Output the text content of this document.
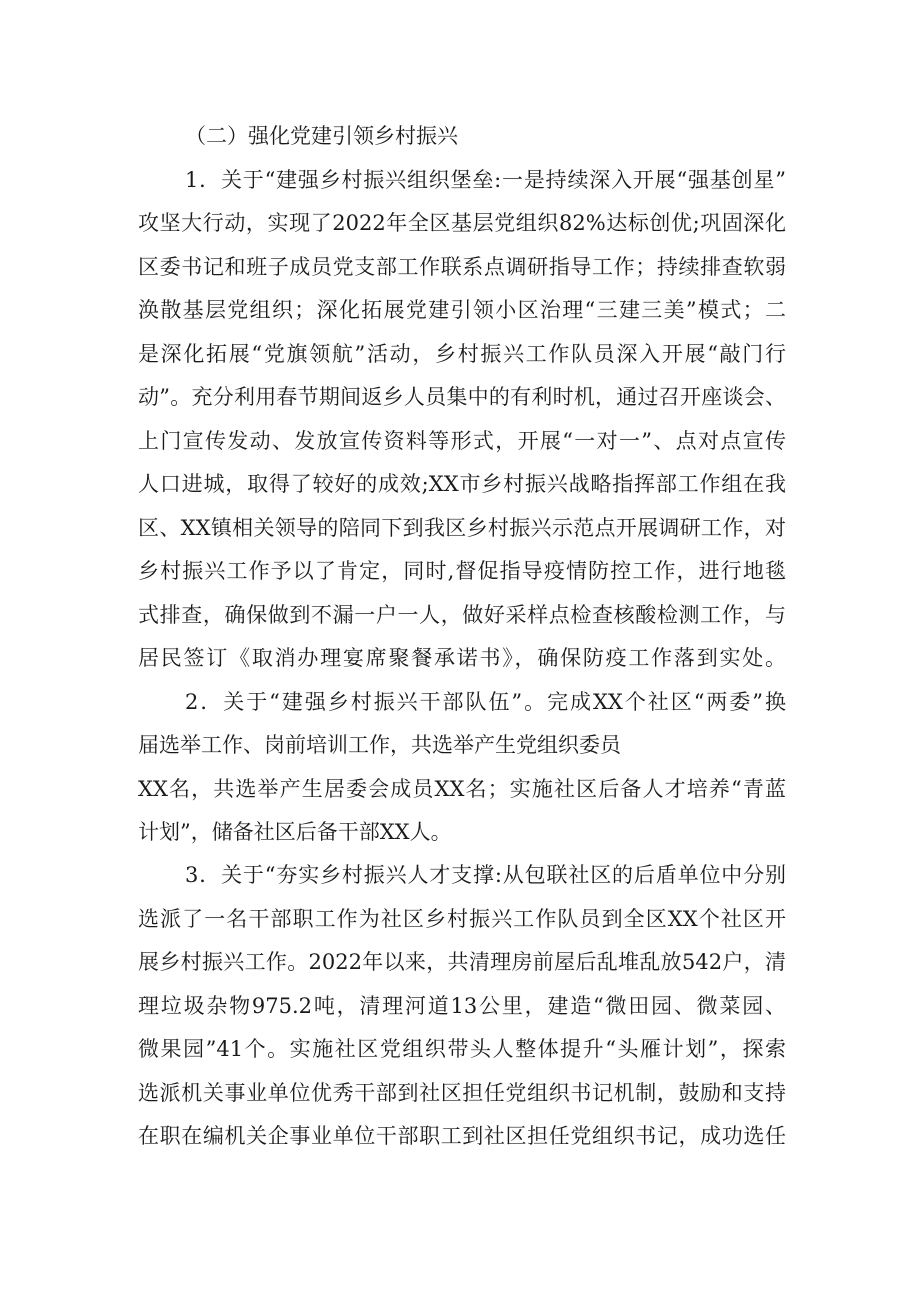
（二）强化党建引领乡村振兴
1．关于“建强乡村振兴组织堡垒:一是持续深入开展“强基创星”
攻坚大行动，实现了2022年全区基层党组织82%达标创优;巩固深化
区委书记和班子成员党支部工作联系点调研指导工作；持续排查软弱
涣散基层党组织；深化拓展党建引领小区治理“三建三美”模式；二
是深化拓展“党旗领航”活动，乡村振兴工作队员深入开展“敲门行
动”。充分利用春节期间返乡人员集中的有利时机，通过召开座谈会、
上门宣传发动、发放宣传资料等形式，开展“一对一”、点对点宣传
人口进城，取得了较好的成效;XX市乡村振兴战略指挥部工作组在我
区、XX镇相关领导的陪同下到我区乡村振兴示范点开展调研工作，对
乡村振兴工作予以了肯定，同时,督促指导疫情防控工作，进行地毯
式排查，确保做到不漏一户一人，做好采样点检查核酸检测工作，与
居民签订《取消办理宴席聚餐承诺书》，确保防疫工作落到实处。
2．关于“建强乡村振兴干部队伍”。完成XX个社区“两委”换
届选举工作、岗前培训工作，共选举产生党组织委员
XX名，共选举产生居委会成员XX名；实施社区后备人才培养“青蓝
计划”，储备社区后备干部XX人。
3．关于“夯实乡村振兴人才支撑:从包联社区的后盾单位中分别
选派了一名干部职工作为社区乡村振兴工作队员到全区XX个社区开
展乡村振兴工作。2022年以来，共清理房前屋后乱堆乱放542户，清
理垃圾杂物975.2吨，清理河道13公里，建造“微田园、微菜园、
微果园”41个。实施社区党组织带头人整体提升“头雁计划”，探索
选派机关事业单位优秀干部到社区担任党组织书记机制，鼓励和支持
在职在编机关企事业单位干部职工到社区担任党组织书记，成功选任
